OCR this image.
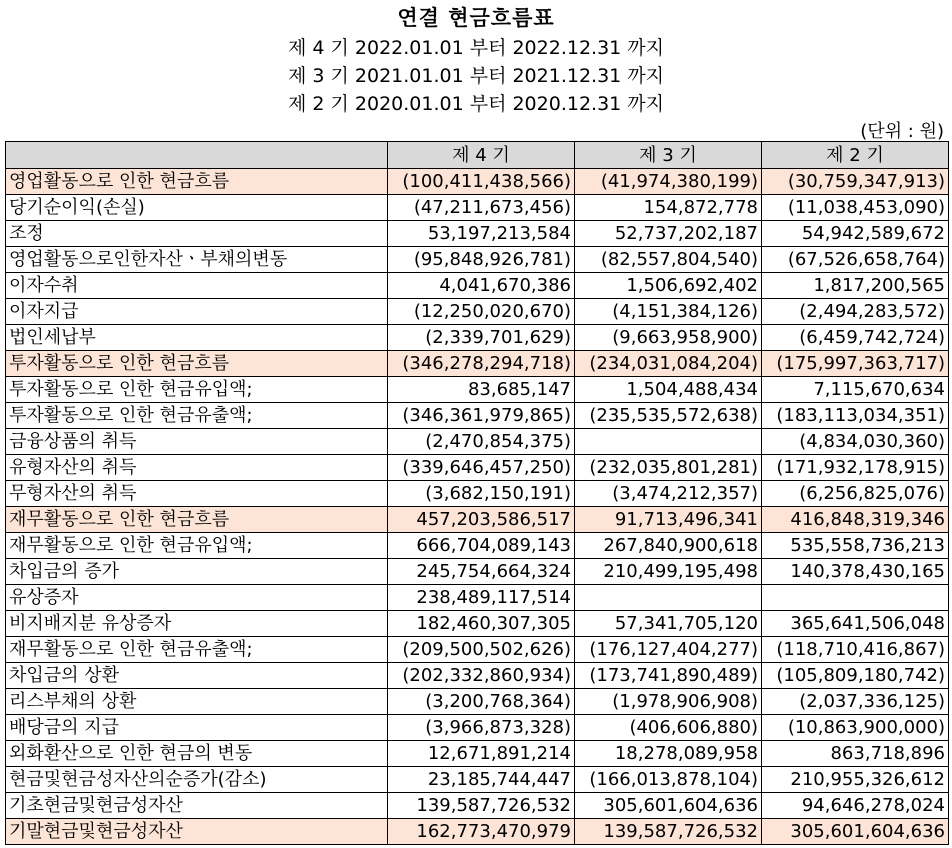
연결 현금흐름표
제 4 기 2022.01.01 부터 2022.12.31 까지
제 3 기 2021.01.01 부터 2021.12.31 까지
제 2 기 2020.01.01 부터 2020.12.31 까지
(단위 : 원)
	제 4 기	제 3 기	제 2 기
영업활동으로 인한 현금흐름	(100,411,438,566)	(41,974,380,199)	(30,759,347,913)
당기순이익(손실)	(47,211,673,456)	154,872,778	(11,038,453,090)
조정	53,197,213,584	52,737,202,187	54,942,589,672
영업활동으로인한자산ㆍ부채의변동	(95,848,926,781)	(82,557,804,540)	(67,526,658,764)
이자수취	4,041,670,386	1,506,692,402	1,817,200,565
이자지급	(12,250,020,670)	(4,151,384,126)	(2,494,283,572)
법인세납부	(2,339,701,629)	(9,663,958,900)	(6,459,742,724)
투자활동으로 인한 현금흐름	(346,278,294,718)	(234,031,084,204)	(175,997,363,717)
투자활동으로 인한 현금유입액;	83,685,147	1,504,488,434	7,115,670,634
투자활동으로 인한 현금유출액;	(346,361,979,865)	(235,535,572,638)	(183,113,034,351)
금융상품의 취득	(2,470,854,375)		(4,834,030,360)
유형자산의 취득	(339,646,457,250)	(232,035,801,281)	(171,932,178,915)
무형자산의 취득	(3,682,150,191)	(3,474,212,357)	(6,256,825,076)
재무활동으로 인한 현금흐름	457,203,586,517	91,713,496,341	416,848,319,346
재무활동으로 인한 현금유입액;	666,704,089,143	267,840,900,618	535,558,736,213
차입금의 증가	245,754,664,324	210,499,195,498	140,378,430,165
유상증자	238,489,117,514		
비지배지분 유상증자	182,460,307,305	57,341,705,120	365,641,506,048
재무활동으로 인한 현금유출액;	(209,500,502,626)	(176,127,404,277)	(118,710,416,867)
차입금의 상환	(202,332,860,934)	(173,741,890,489)	(105,809,180,742)
리스부채의 상환	(3,200,768,364)	(1,978,906,908)	(2,037,336,125)
배당금의 지급	(3,966,873,328)	(406,606,880)	(10,863,900,000)
외화환산으로 인한 현금의 변동	12,671,891,214	18,278,089,958	863,718,896
현금및현금성자산의순증가(감소)	23,185,744,447	(166,013,878,104)	210,955,326,612
기초현금및현금성자산	139,587,726,532	305,601,604,636	94,646,278,024
기말현금및현금성자산	162,773,470,979	139,587,726,532	305,601,604,636
